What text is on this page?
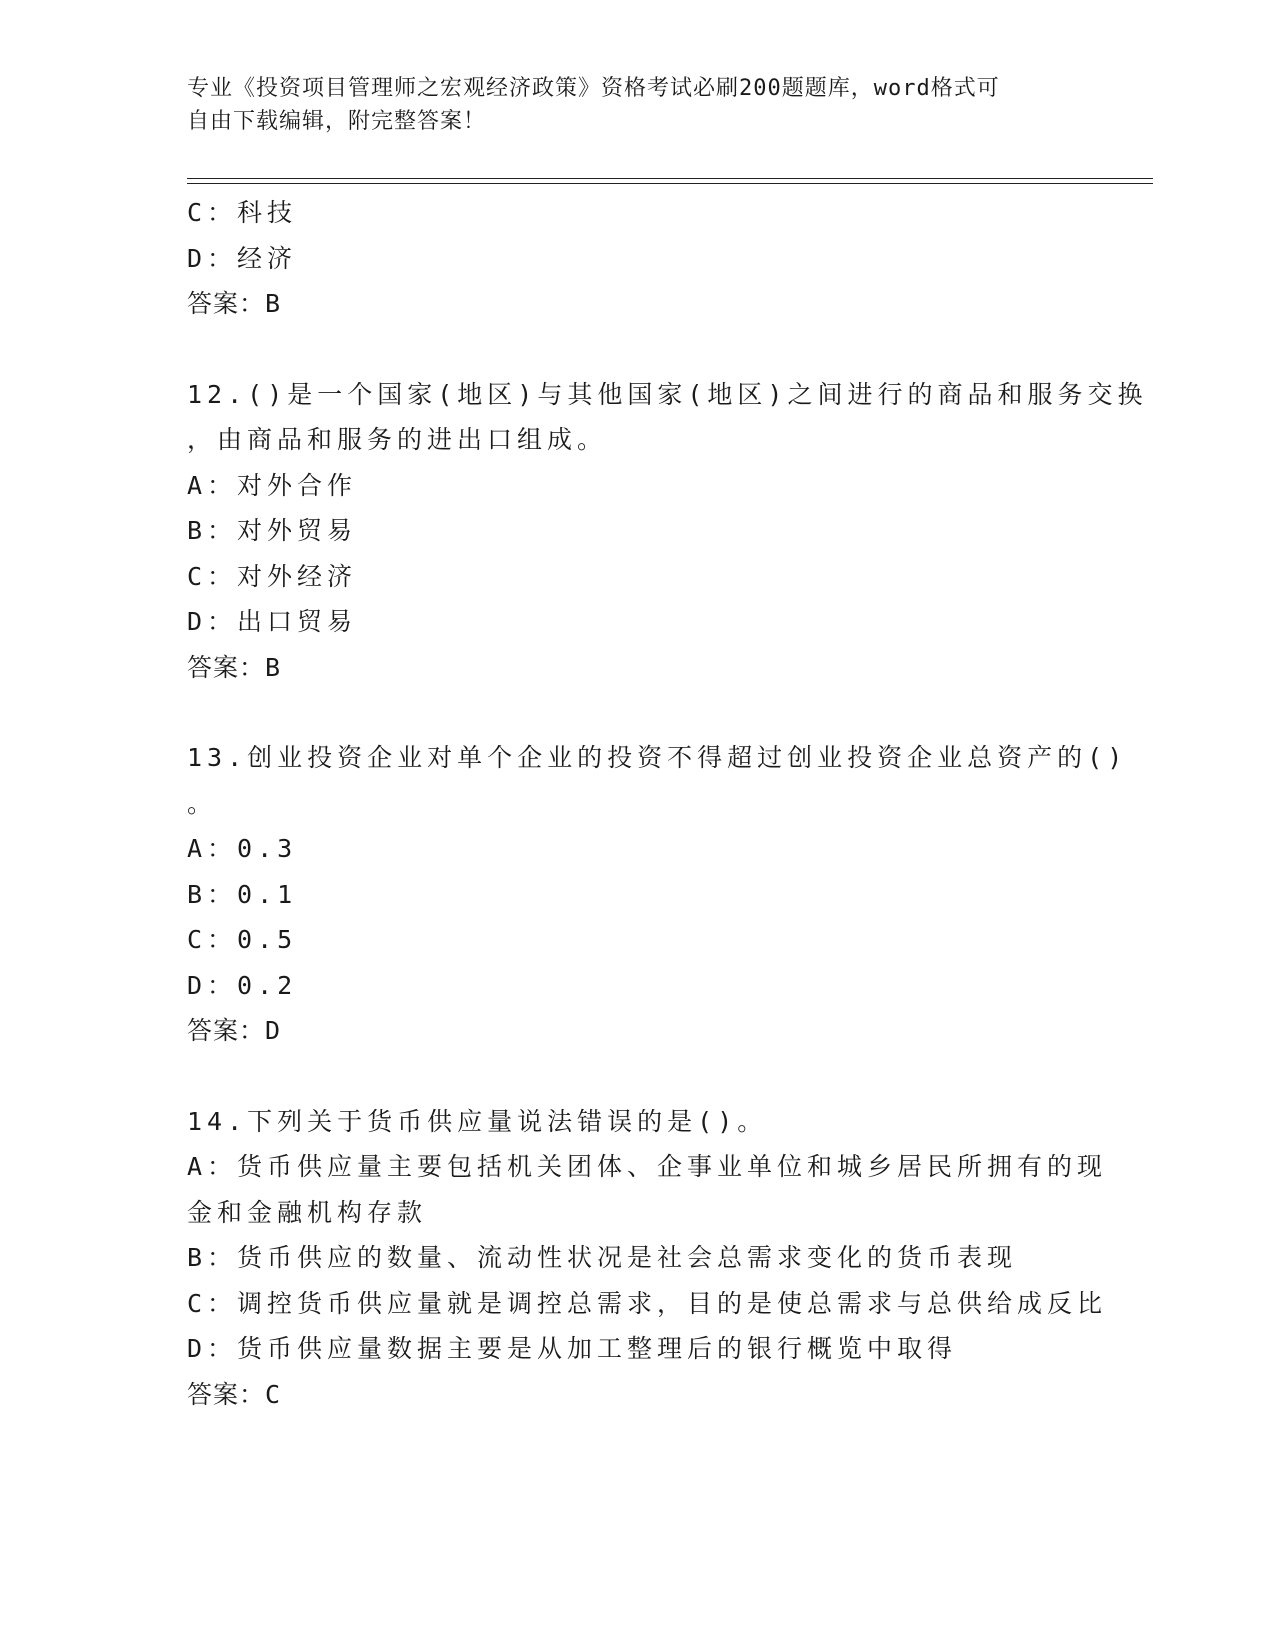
专业《投资项目管理师之宏观经济政策》资格考试必刷200题题库，word格式可
自由下载编辑，附完整答案！
C：科技
D：经济
答案：B
12.()是一个国家(地区)与其他国家(地区)之间进行的商品和服务交换
，由商品和服务的进出口组成。
A：对外合作
B：对外贸易
C：对外经济
D：出口贸易
答案：B
13.创业投资企业对单个企业的投资不得超过创业投资企业总资产的()
。
A：0.3
B：0.1
C：0.5
D：0.2
答案：D
14.下列关于货币供应量说法错误的是()。
A：货币供应量主要包括机关团体、企事业单位和城乡居民所拥有的现
金和金融机构存款
B：货币供应的数量、流动性状况是社会总需求变化的货币表现
C：调控货币供应量就是调控总需求，目的是使总需求与总供给成反比
D：货币供应量数据主要是从加工整理后的银行概览中取得
答案：C
